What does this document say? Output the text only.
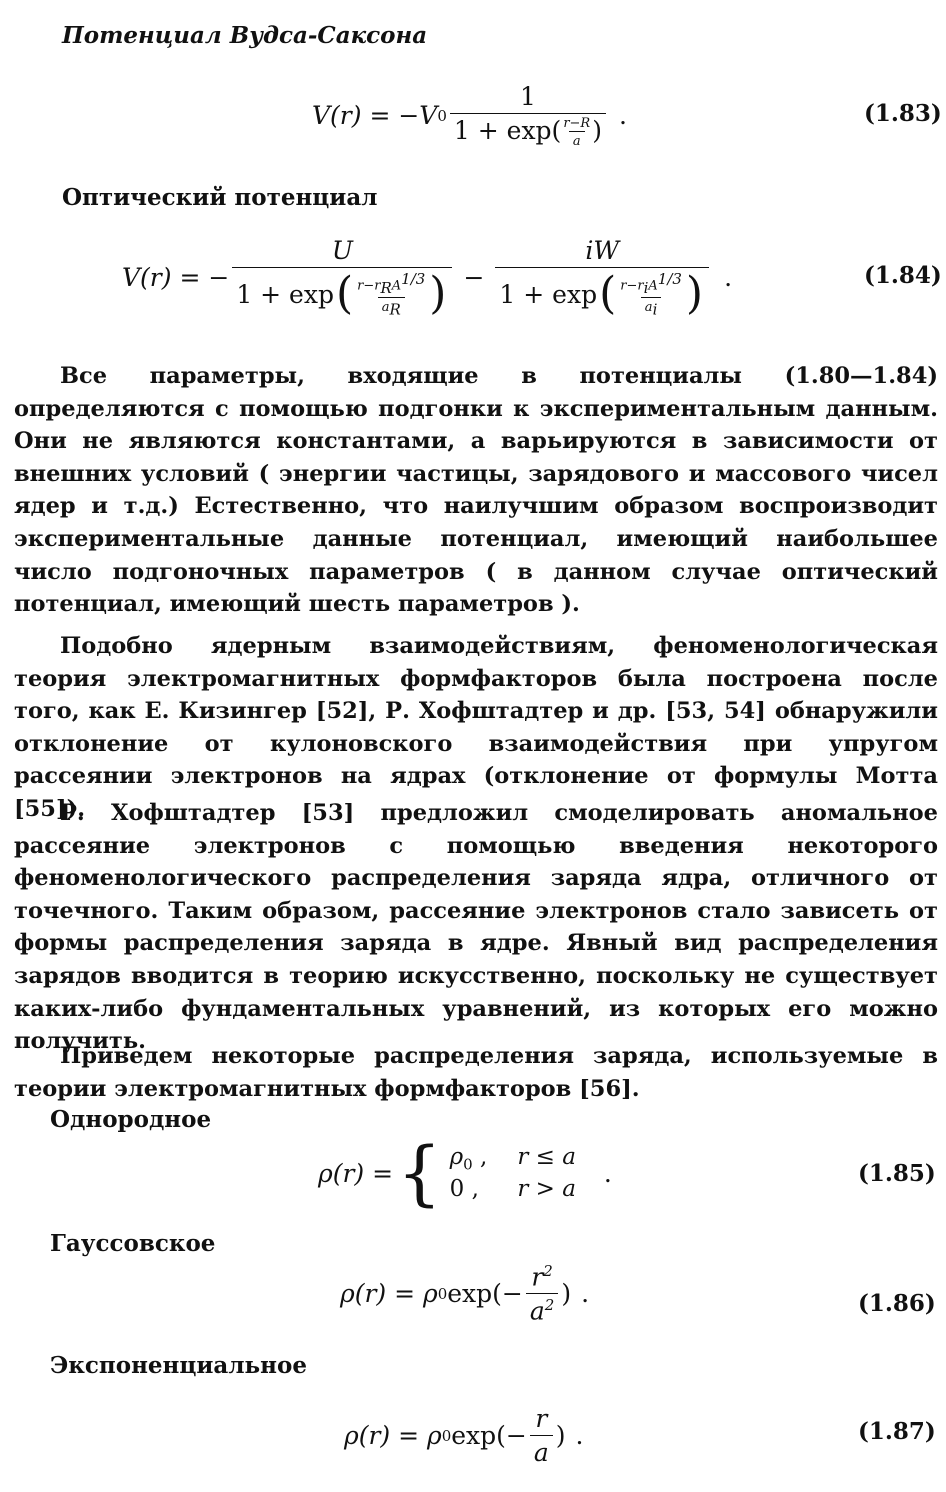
Потенциал Вудса-Саксона
V(r) = −V $0 \frac{1}{1 + \exp( \frac{r-R}{a} )}$ .	(1.83)
Оптический потенциал
V(r) = −
U
1 + exp ( $r-r_RA^{1/3}$
$a_R$ ) −
iW
1 + exp ( $r-r_iA^{1/3}$
$a_i$ ) .	(1.84)

Все параметры, входящие в потенциалы (1.80—1.84) определяются с помощью подгонки к экспериментальным данным. Они не являются константами, а варьируются в зависимости от внешних условий ( энергии частицы, зарядового и массового чисел ядер и т.д.) Естественно, что наилучшим образом воспроизводит экспериментальные данные потенциал, имеющий наибольшее число подгоночных параметров ( в данном случае оптический потенциал, имеющий шесть параметров ).

Подобно ядерным взаимодействиям, феноменологическая теория электромагнитных формфакторов была построена после того, как Е. Кизингер [52], Р. Хофштадтер и др. [53, 54] обнаружили отклонение от кулоновского взаимодействия при упругом рассеянии электронов на ядрах (отклонение от формулы Мотта [55]).

Р. Хофштадтер [53] предложил смоделировать аномальное рассеяние электронов с помощью введения некоторого феноменологического распределения заряда ядра, отличного от точечного. Таким образом, рассеяние электронов стало зависеть от формы распределения заряда в ядре. Явный вид распределения зарядов вводится в теорию искусственно, поскольку не существует каких-либо фундаментальных уравнений, из которых его можно получить.

Приведем некоторые распределения заряда, используемые в теории электромагнитных формфакторов [56].

Однородное
ρ(r) = { $\rho_0$ , r ≤ a
0 ,	r > a
.	(1.85)
Гауссовское
ρ(r) = ρ 0 $\exp(- \frac{r^2}{a^2}$ ) .	(1.86)
Экспоненциальное
ρ(r) = ρ 0 $\exp(- \frac{r}{a}$ ) .	(1.87)
